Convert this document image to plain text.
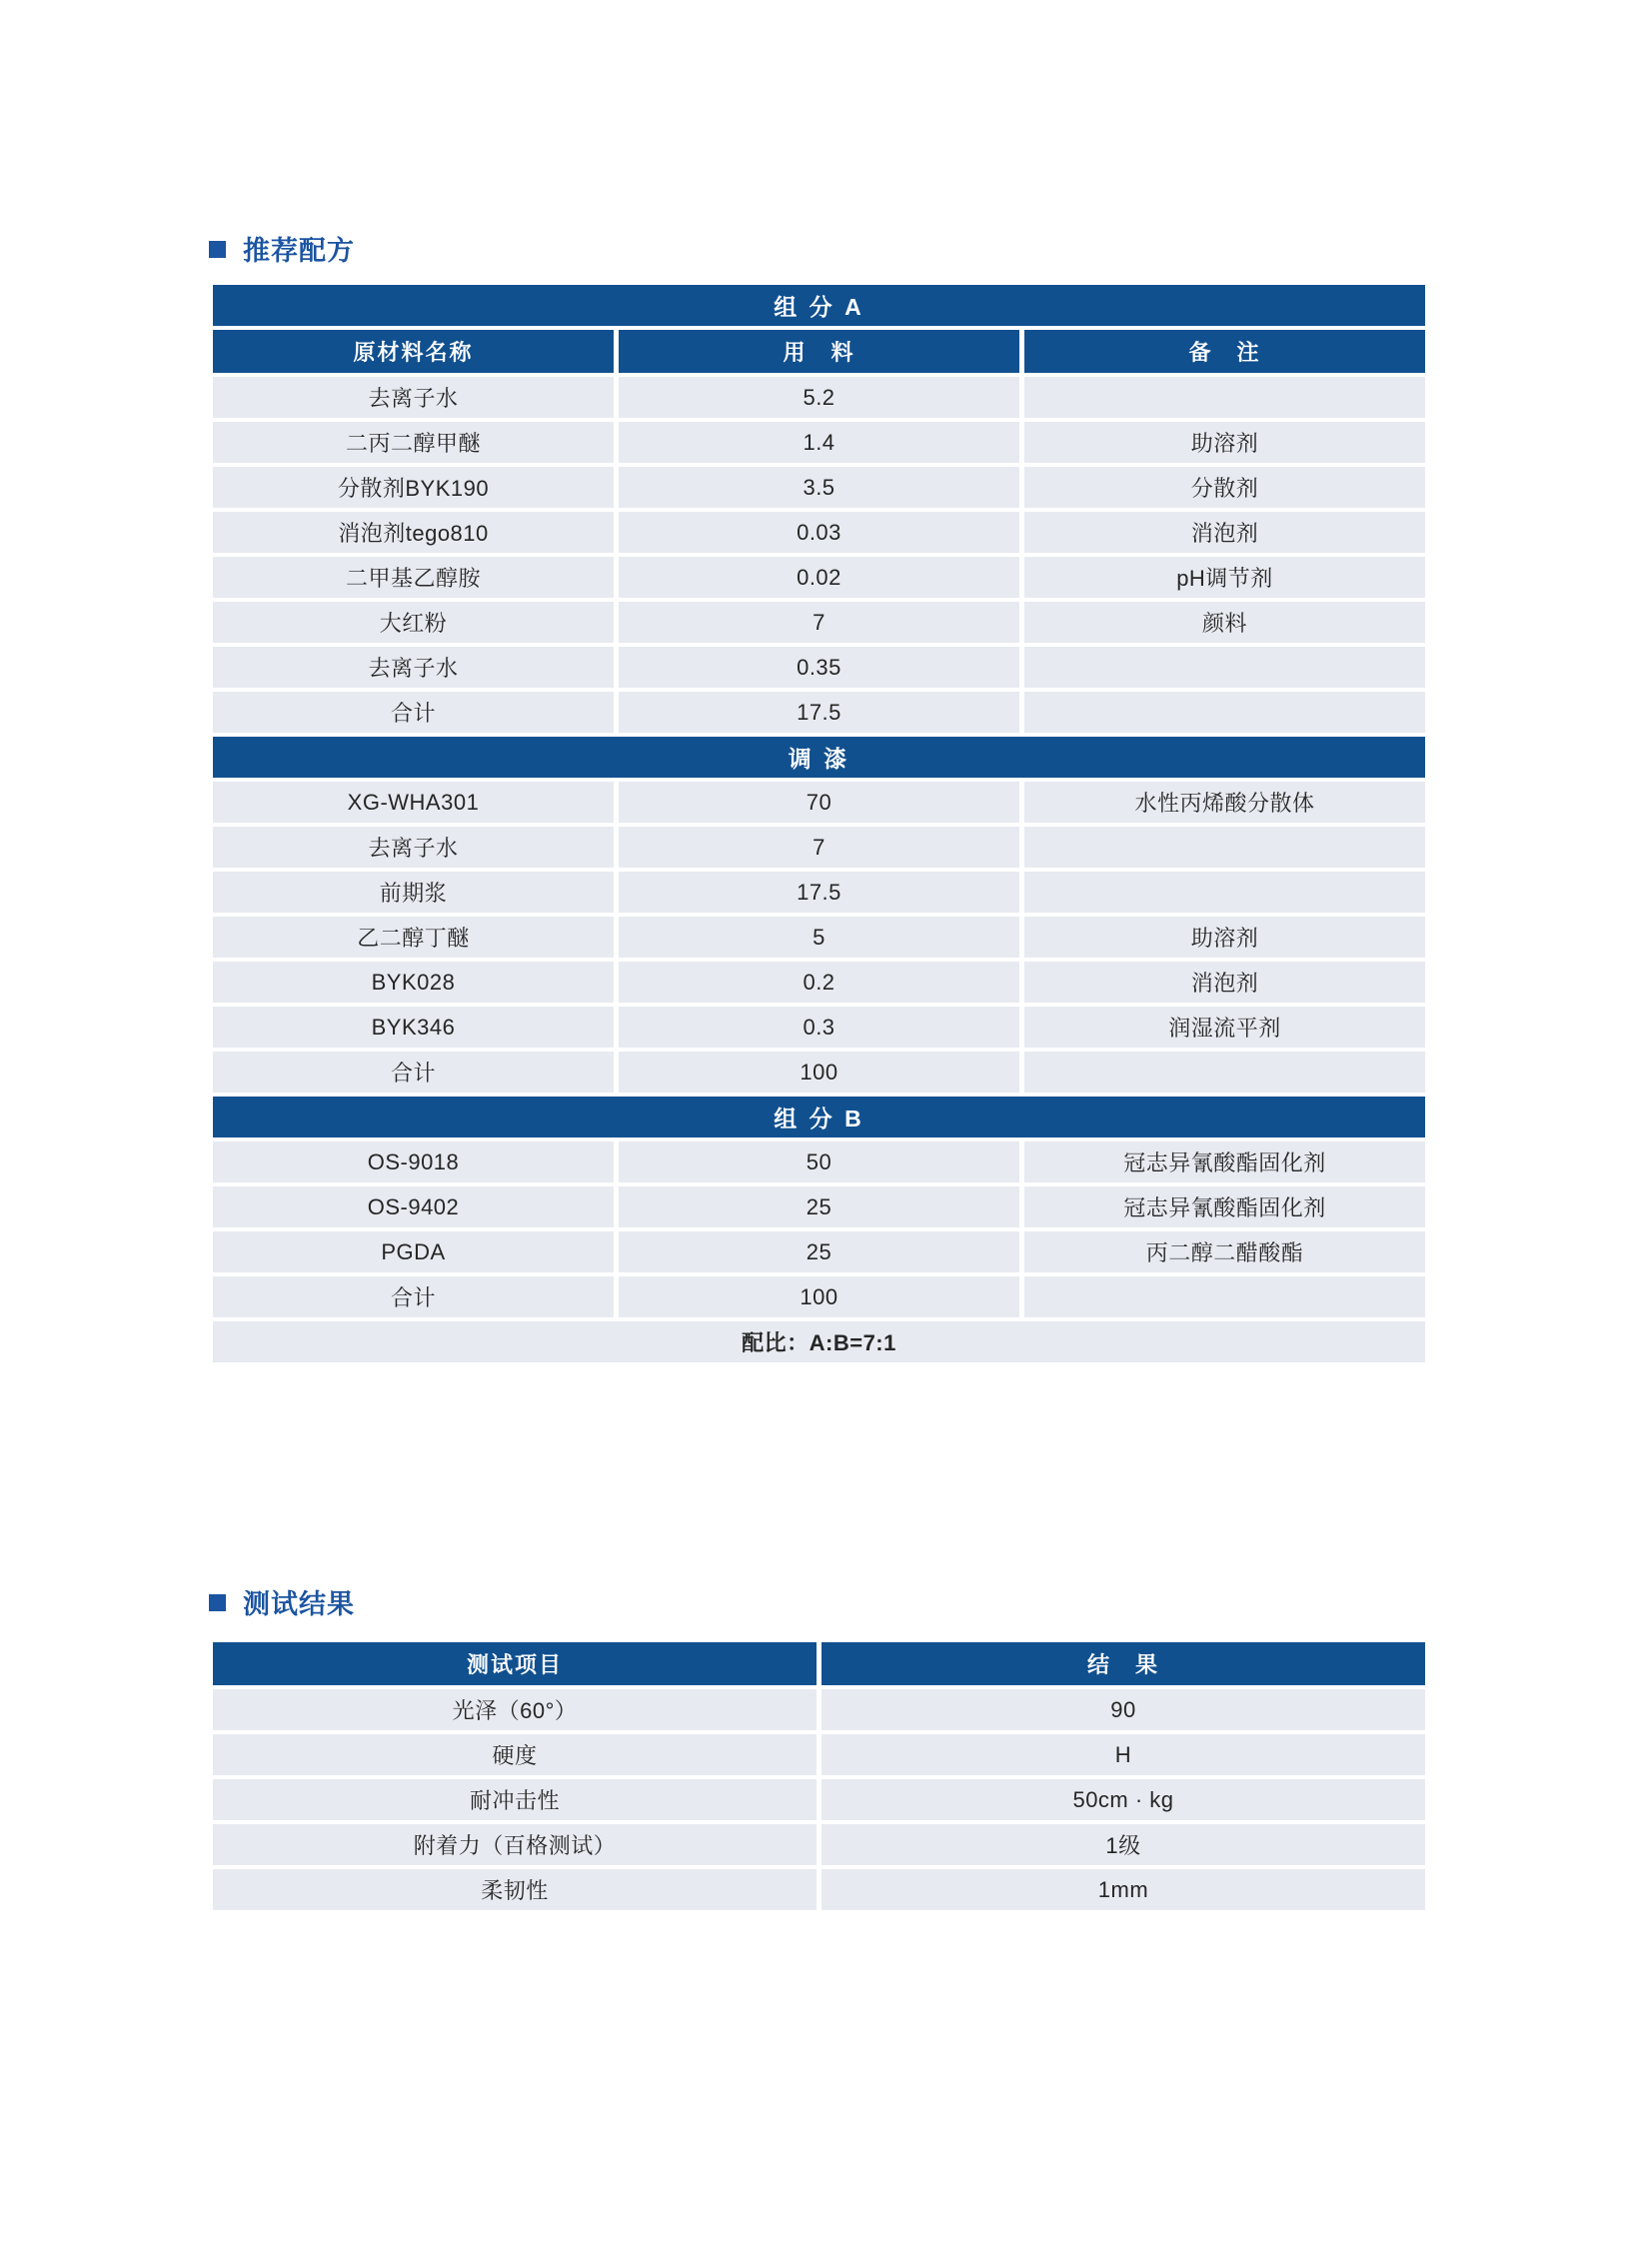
推荐配方
组 分 A
原材料名称	用　料	备　注
去离子水	5.2
二丙二醇甲醚	1.4	助溶剂
分散剂BYK190	3.5	分散剂
消泡剂tego810	0.03	消泡剂
二甲基乙醇胺	0.02	pH调节剂
大红粉	7	颜料
去离子水	0.35
合计	17.5
调 漆
XG-WHA301	70	水性丙烯酸分散体
去离子水	7
前期浆	17.5
乙二醇丁醚	5	助溶剂
BYK028	0.2	消泡剂
BYK346	0.3	润湿流平剂
合计	100
组 分 B
OS-9018	50	冠志异氰酸酯固化剂
OS-9402	25	冠志异氰酸酯固化剂
PGDA	25	丙二醇二醋酸酯
合计	100
配比：A:B=7:1
测试结果
测试项目	结　果
光泽（60°）	90
硬度	H
耐冲击性	50cm · kg
附着力（百格测试）	1级
柔韧性	1mm
